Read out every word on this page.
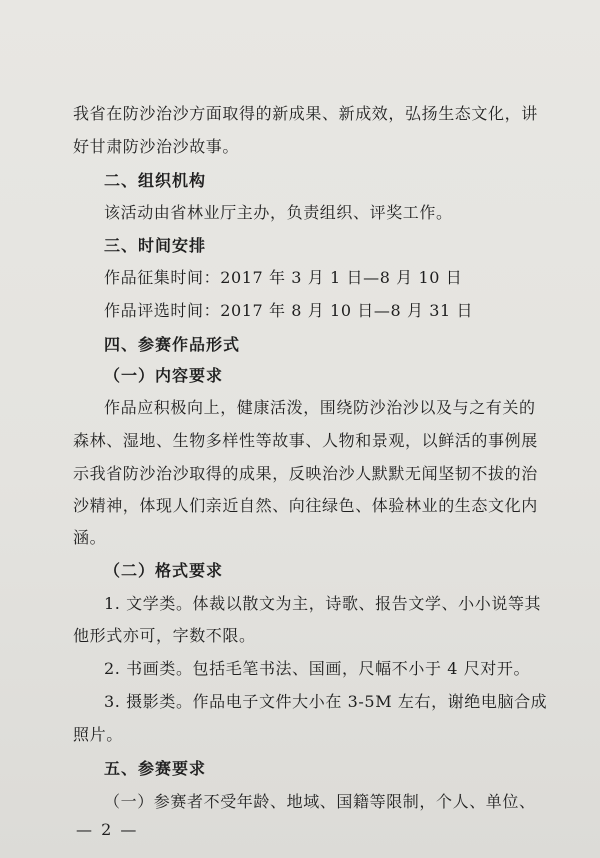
我省在防沙治沙方面取得的新成果、新成效，弘扬生态文化，讲
好甘肃防沙治沙故事。
二、组织机构
该活动由省林业厅主办，负责组织、评奖工作。
三、时间安排
作品征集时间：2017 年 3 月 1 日—8 月 10 日
作品评选时间：2017 年 8 月 10 日—8 月 31 日
四、参赛作品形式
（一）内容要求
作品应积极向上，健康活泼，围绕防沙治沙以及与之有关的
森林、湿地、生物多样性等故事、人物和景观，以鲜活的事例展
示我省防沙治沙取得的成果，反映治沙人默默无闻坚韧不拔的治
沙精神，体现人们亲近自然、向往绿色、体验林业的生态文化内
涵。
（二）格式要求
1. 文学类。体裁以散文为主，诗歌、报告文学、小小说等其
他形式亦可，字数不限。
2. 书画类。包括毛笔书法、国画，尺幅不小于 4 尺对开。
3. 摄影类。作品电子文件大小在 3-5M 左右，谢绝电脑合成
照片。
五、参赛要求
（一）参赛者不受年龄、地域、国籍等限制，个人、单位、
— 2 —
